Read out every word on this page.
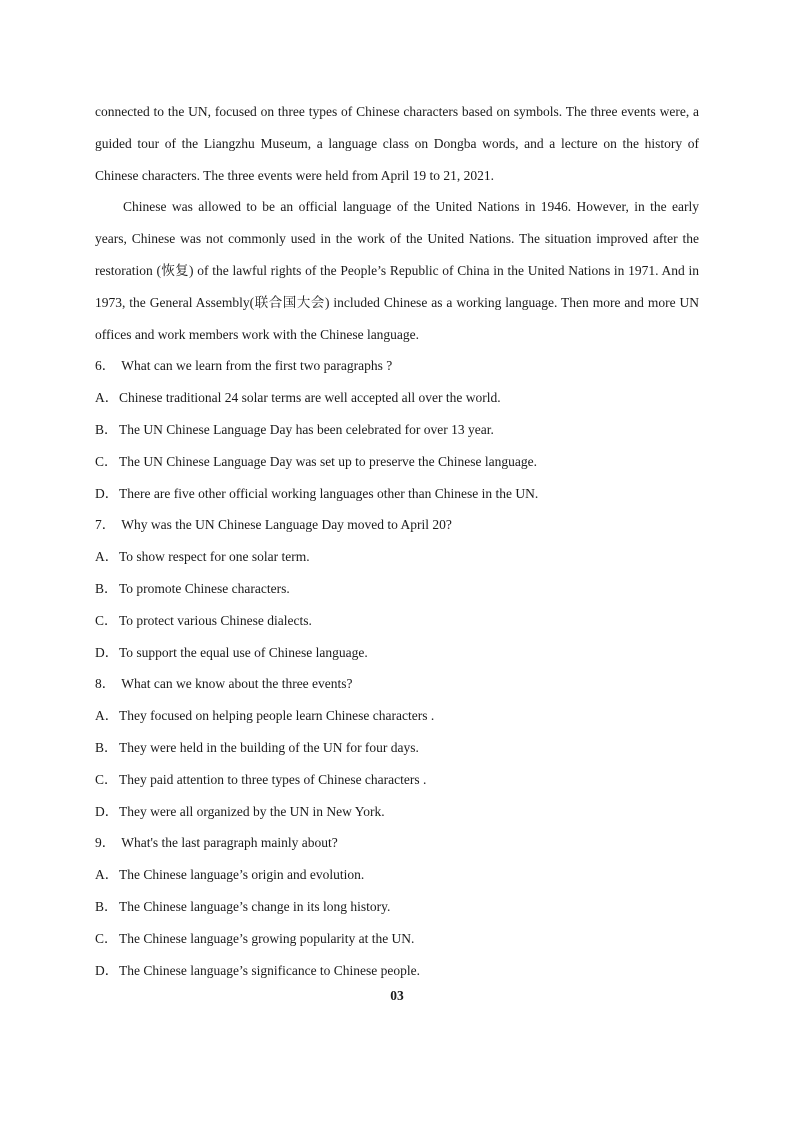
connected to the UN, focused on three types of Chinese characters based on symbols. The three events were, a guided tour of the Liangzhu Museum, a language class on Dongba words, and a lecture on the history of Chinese characters. The three events were held from April 19 to 21, 2021.

Chinese was allowed to be an official language of the United Nations in 1946. However, in the early years, Chinese was not commonly used in the work of the United Nations. The situation improved after the restoration (恢复) of the lawful rights of the People’s Republic of China in the United Nations in 1971. And in 1973, the General Assembly(联合国大会) included Chinese as a working language. Then more and more UN offices and work members work with the Chinese language.

6． What can we learn from the first two paragraphs ?
A．Chinese traditional 24 solar terms are well accepted all over the world.
B．The UN Chinese Language Day has been celebrated for over 13 year.
C．The UN Chinese Language Day was set up to preserve the Chinese language.
D．There are five other official working languages other than Chinese in the UN.
7． Why was the UN Chinese Language Day moved to April 20?
A．To show respect for one solar term.
B．To promote Chinese characters.
C．To protect various Chinese dialects.
D．To support the equal use of Chinese language.
8． What can we know about the three events?
A．They focused on helping people learn Chinese characters .
B．They were held in the building of the UN for four days.
C．They paid attention to three types of Chinese characters .
D．They were all organized by the UN in New York.
9． What's the last paragraph mainly about?
A．The Chinese language’s origin and evolution.
B．The Chinese language’s change in its long history.
C．The Chinese language’s growing popularity at the UN.
D．The Chinese language’s significance to Chinese people.
03
